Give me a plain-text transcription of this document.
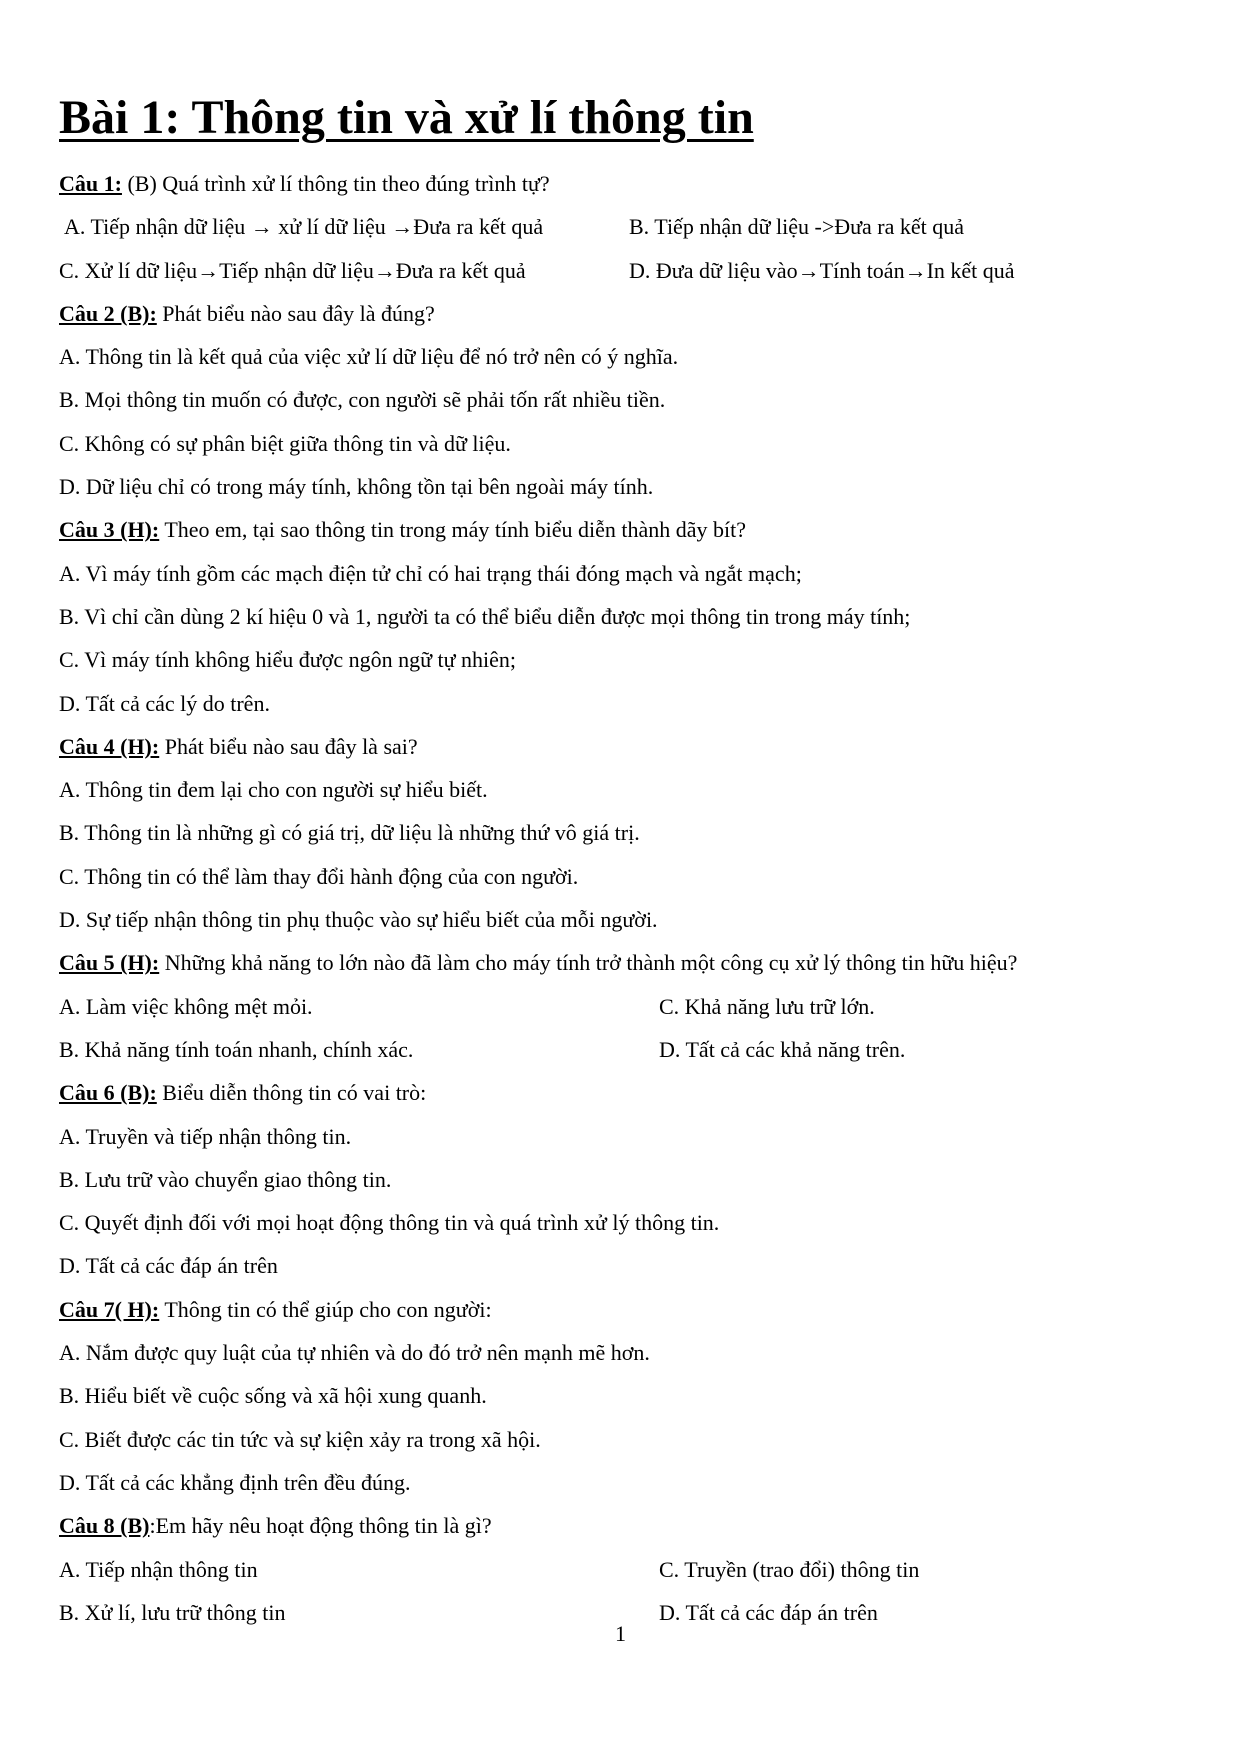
Bài 1: Thông tin và xử lí thông tin
Câu 1: (B) Quá trình xử lí thông tin theo đúng trình tự?
A. Tiếp nhận dữ liệu → xử lí dữ liệu →Đưa ra kết quả	B. Tiếp nhận dữ liệu ->Đưa ra kết quả
C. Xử lí dữ liệu→Tiếp nhận dữ liệu→Đưa ra kết quả	D. Đưa dữ liệu vào→Tính toán→In kết quả
Câu 2 (B): Phát biểu nào sau đây là đúng?
A. Thông tin là kết quả của việc xử lí dữ liệu để nó trở nên có ý nghĩa.
B. Mọi thông tin muốn có được, con người sẽ phải tốn rất nhiều tiền.
C. Không có sự phân biệt giữa thông tin và dữ liệu.
D. Dữ liệu chỉ có trong máy tính, không tồn tại bên ngoài máy tính.
Câu 3 (H): Theo em, tại sao thông tin trong máy tính biểu diễn thành dãy bít?
A. Vì máy tính gồm các mạch điện tử chỉ có hai trạng thái đóng mạch và ngắt mạch;
B. Vì chỉ cần dùng 2 kí hiệu 0 và 1, người ta có thể biểu diễn được mọi thông tin trong máy tính;
C. Vì máy tính không hiểu được ngôn ngữ tự nhiên;
D. Tất cả các lý do trên.
Câu 4 (H): Phát biểu nào sau đây là sai?
A. Thông tin đem lại cho con người sự hiểu biết.
B. Thông tin là những gì có giá trị, dữ liệu là những thứ vô giá trị.
C. Thông tin có thể làm thay đổi hành động của con người.
D. Sự tiếp nhận thông tin phụ thuộc vào sự hiểu biết của mỗi người.
Câu 5 (H): Những khả năng to lớn nào đã làm cho máy tính trở thành một công cụ xử lý thông tin hữu hiệu?
A. Làm việc không mệt mỏi.	C. Khả năng lưu trữ lớn.
B. Khả năng tính toán nhanh, chính xác.	D. Tất cả các khả năng trên.
Câu 6 (B): Biểu diễn thông tin có vai trò:
A. Truyền và tiếp nhận thông tin.
B. Lưu trữ vào chuyển giao thông tin.
C. Quyết định đối với mọi hoạt động thông tin và quá trình xử lý thông tin.
D. Tất cả các đáp án trên
Câu 7( H): Thông tin có thể giúp cho con người:
A. Nắm được quy luật của tự nhiên và do đó trở nên mạnh mẽ hơn.
B. Hiểu biết về cuộc sống và xã hội xung quanh.
C. Biết được các tin tức và sự kiện xảy ra trong xã hội.
D. Tất cả các khẳng định trên đều đúng.
Câu 8 (B):Em hãy nêu hoạt động thông tin là gì?
A. Tiếp nhận thông tin	C. Truyền (trao đổi) thông tin
B. Xử lí, lưu trữ thông tin	D. Tất cả các đáp án trên
1
